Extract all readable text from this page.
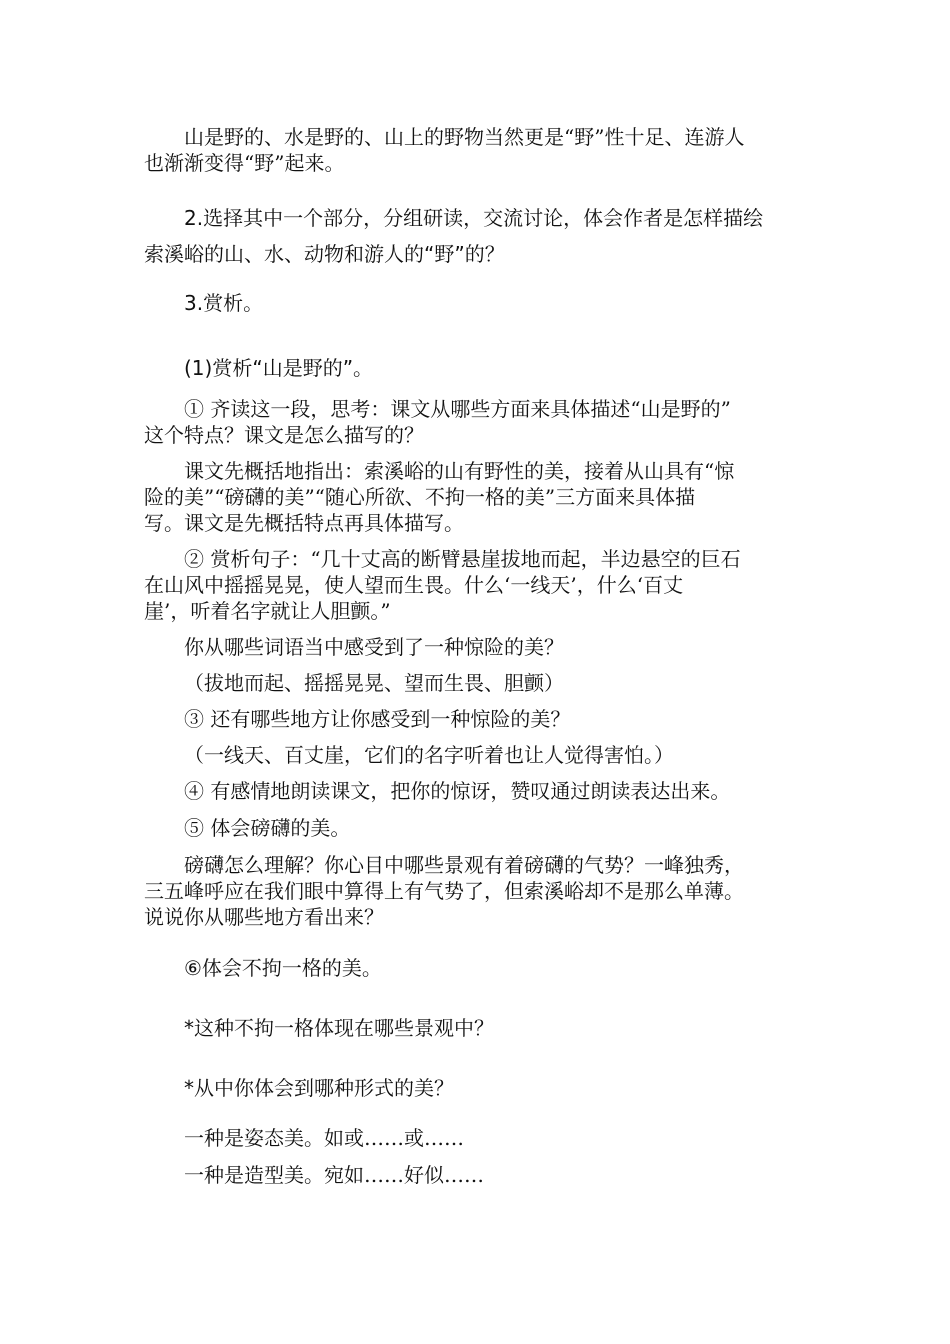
山是野的、水是野的、山上的野物当然更是“野”性十足、连游人
也渐渐变得“野”起来。

2.选择其中一个部分，分组研读，交流讨论，体会作者是怎样描绘
索溪峪的山、水、动物和游人的“野”的？

3.赏析。

(1)赏析“山是野的”。

① 齐读这一段，思考：课文从哪些方面来具体描述“山是野的”
这个特点？课文是怎么描写的？

课文先概括地指出：索溪峪的山有野性的美，接着从山具有“惊
险的美”“磅礴的美”“随心所欲、不拘一格的美”三方面来具体描
写。课文是先概括特点再具体描写。

② 赏析句子：“几十丈高的断臂悬崖拔地而起，半边悬空的巨石
在山风中摇摇晃晃，使人望而生畏。什么‘一线天’，什么‘百丈
崖’，听着名字就让人胆颤。”

你从哪些词语当中感受到了一种惊险的美？

（拔地而起、摇摇晃晃、望而生畏、胆颤）

③ 还有哪些地方让你感受到一种惊险的美？

（一线天、百丈崖，它们的名字听着也让人觉得害怕。）

④ 有感情地朗读课文，把你的惊讶，赞叹通过朗读表达出来。

⑤ 体会磅礴的美。

磅礴怎么理解？你心目中哪些景观有着磅礴的气势？一峰独秀，
三五峰呼应在我们眼中算得上有气势了，但索溪峪却不是那么单薄。
说说你从哪些地方看出来？

⑥体会不拘一格的美。

*这种不拘一格体现在哪些景观中？

*从中你体会到哪种形式的美？

一种是姿态美。如或……或……

一种是造型美。宛如……好似……
